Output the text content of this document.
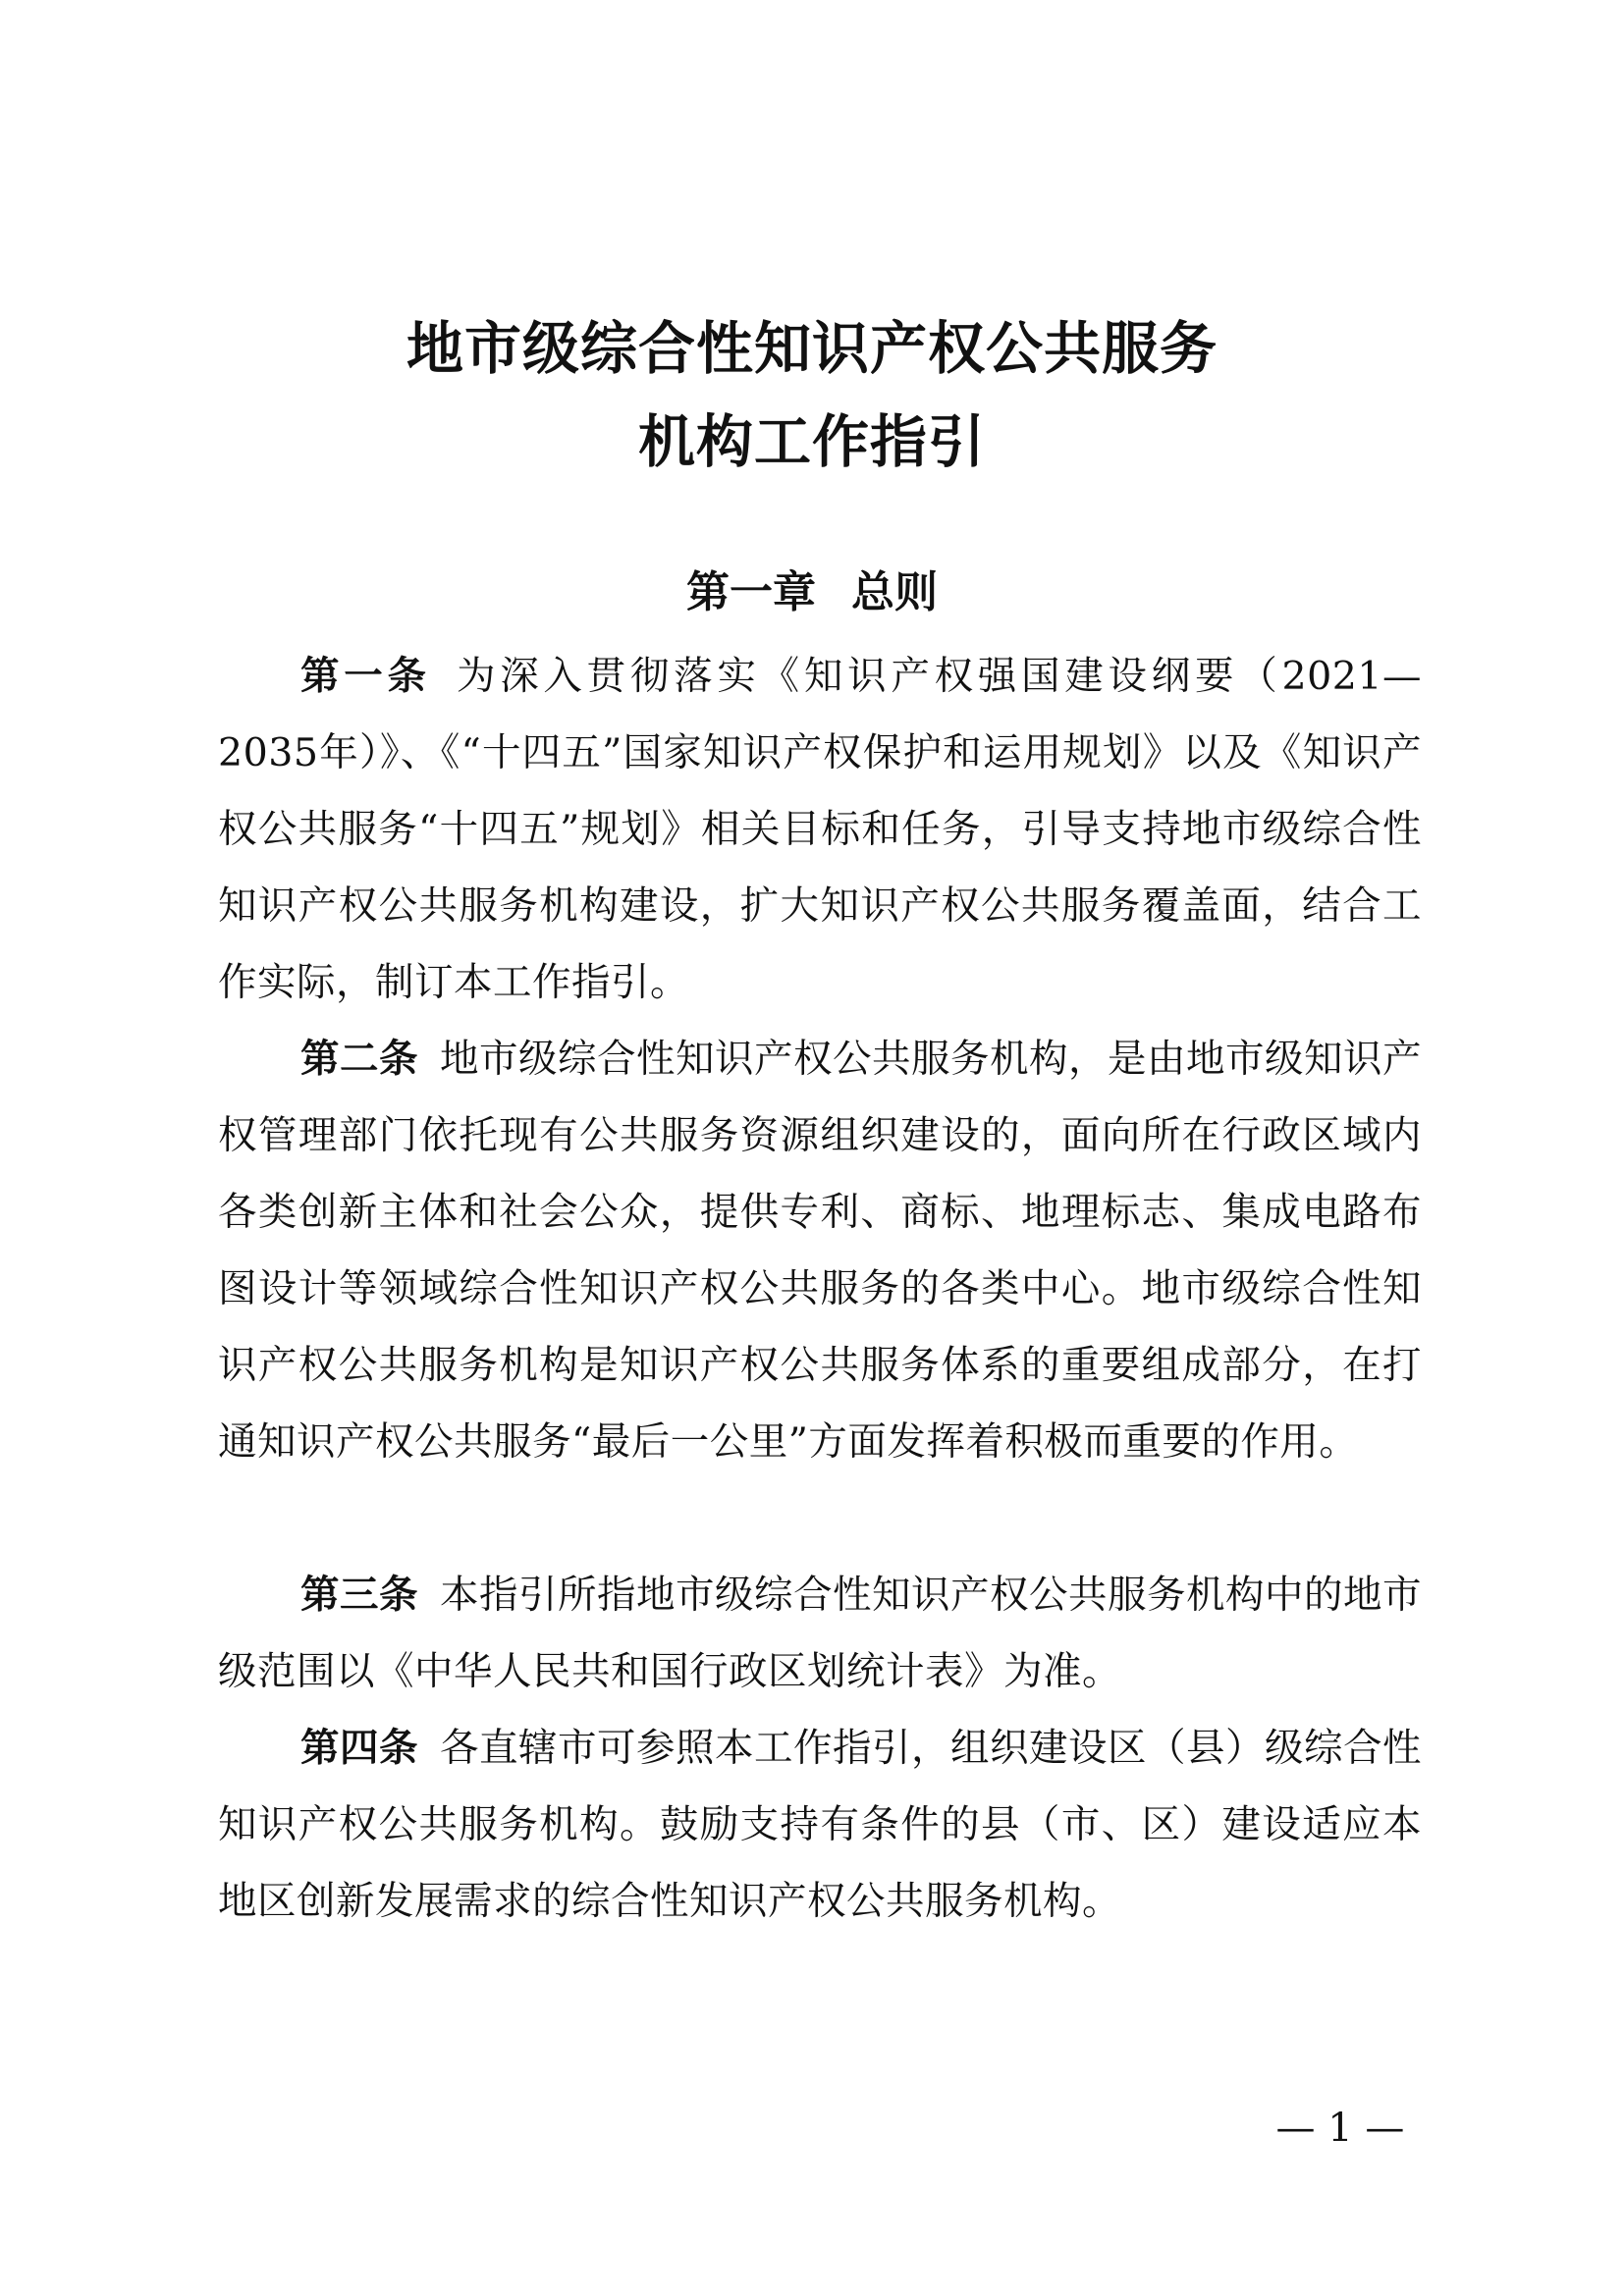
地市级综合性知识产权公共服务
机构工作指引
第一章 总则

第一条 为深入贯彻落实《知识产权强国建设纲要（2021—2035年）》、《“十四五”国家知识产权保护和运用规划》以及《知识产权公共服务“十四五”规划》相关目标和任务，引导支持地市级综合性知识产权公共服务机构建设，扩大知识产权公共服务覆盖面，结合工作实际，制订本工作指引。

第二条 地市级综合性知识产权公共服务机构，是由地市级知识产权管理部门依托现有公共服务资源组织建设的，面向所在行政区域内各类创新主体和社会公众，提供专利、商标、地理标志、集成电路布图设计等领域综合性知识产权公共服务的各类中心。地市级综合性知识产权公共服务机构是知识产权公共服务体系的重要组成部分，在打通知识产权公共服务“最后一公里”方面发挥着积极而重要的作用。

第三条 本指引所指地市级综合性知识产权公共服务机构中的地市级范围以《中华人民共和国行政区划统计表》为准。

第四条 各直辖市可参照本工作指引，组织建设区（县）级综合性知识产权公共服务机构。鼓励支持有条件的县（市、区）建设适应本地区创新发展需求的综合性知识产权公共服务机构。

— 1 —
